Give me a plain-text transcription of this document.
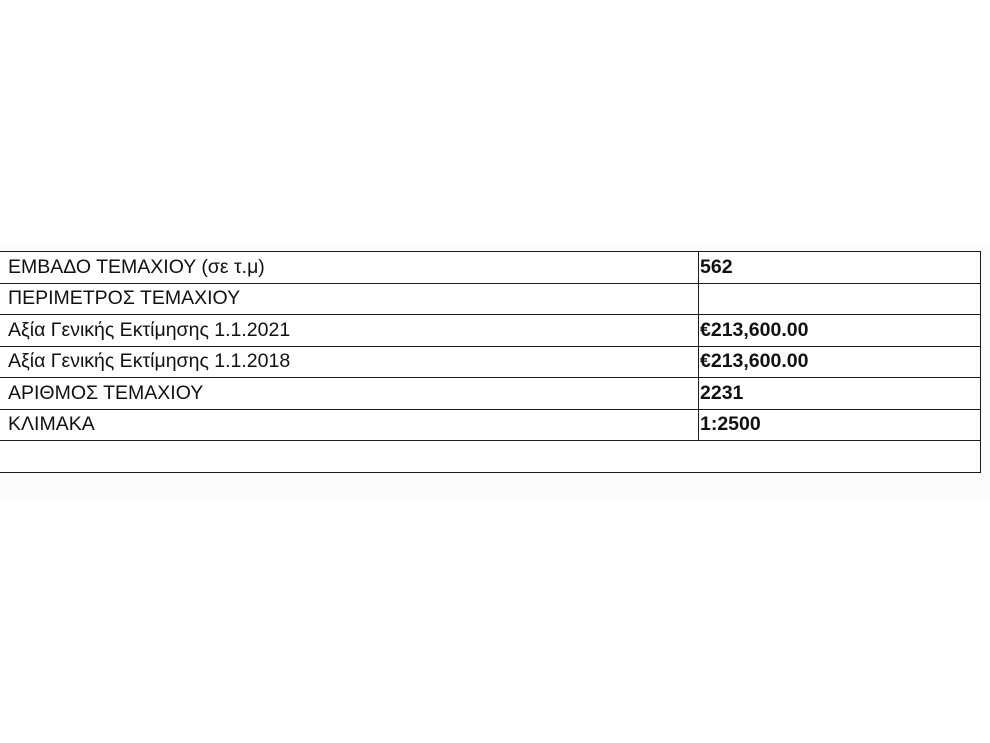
ΕΜΒΑΔΟ ΤΕΜΑΧΙΟΥ (σε τ.μ)	562
ΠΕΡΙΜΕΤΡΟΣ ΤΕΜΑΧΙΟΥ	
Αξία Γενικής Εκτίμησης 1.1.2021	€213,600.00
Αξία Γενικής Εκτίμησης 1.1.2018	€213,600.00
ΑΡΙΘΜΟΣ ΤΕΜΑΧΙΟΥ	2231
ΚΛΙΜΑΚΑ	1:2500
